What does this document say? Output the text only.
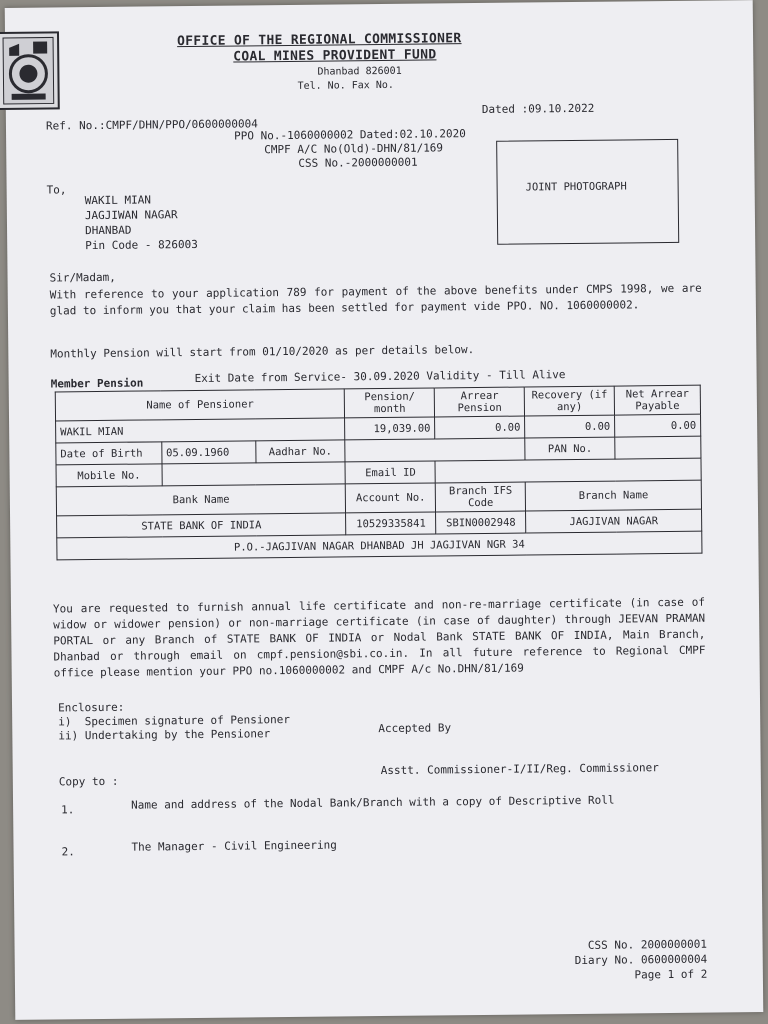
OFFICE OF THE REGIONAL COMMISSIONER
COAL MINES PROVIDENT FUND
Dhanbad 826001
Tel. No. Fax No.
Ref. No.:CMPF/DHN/PPO/0600000004
Dated :09.10.2022
PPO No.-1060000002 Dated:02.10.2020
CMPF A/C No(Old)-DHN/81/169
CSS No.-2000000001
JOINT PHOTOGRAPH
To,
WAKIL MIAN
JAGJIWAN NAGAR
DHANBAD
Pin Code - 826003
Sir/Madam,
With reference to your application 789 for payment of the above benefits under CMPS 1998, we are glad to inform you that your claim has been settled for payment vide PPO. NO. 1060000002.
Monthly Pension will start from 01/10/2020 as per details below.
Member Pension	Exit Date from Service- 30.09.2020 Validity - Till Alive
Name of Pensioner			Pension/ month	Arrear Pension	Recovery (if any)	Net Arrear Payable
WAKIL MIAN			19,039.00	0.00	0.00	0.00
Date of Birth	05.09.1960	Aadhar No.			PAN No.	
Mobile No.			Email ID			
Bank Name			Account No.	Branch IFS Code	Branch Name	
STATE BANK OF INDIA			10529335841	SBIN0002948	JAGJIVAN NAGAR	
P.O.-JAGJIVAN NAGAR DHANBAD JH JAGJIVAN NGR 34						
You are requested to furnish annual life certificate and non-re-marriage certificate (in case of widow or widower pension) or non-marriage certificate (in case of daughter) through JEEVAN PRAMAN PORTAL or any Branch of STATE BANK OF INDIA or Nodal Bank STATE BANK OF INDIA, Main Branch, Dhanbad or through email on cmpf.pension@sbi.co.in. In all future reference to Regional CMPF office please mention your PPO no.1060000002 and CMPF A/c No.DHN/81/169
Enclosure:
i)  Specimen signature of Pensioner
ii) Undertaking by the Pensioner	Accepted By
Asstt. Commissioner-I/II/Reg. Commissioner
Copy to :
1.	Name and address of the Nodal Bank/Branch with a copy of Descriptive Roll
2.	The Manager - Civil Engineering
CSS No. 2000000001
Diary No. 0600000004
Page 1 of 2
